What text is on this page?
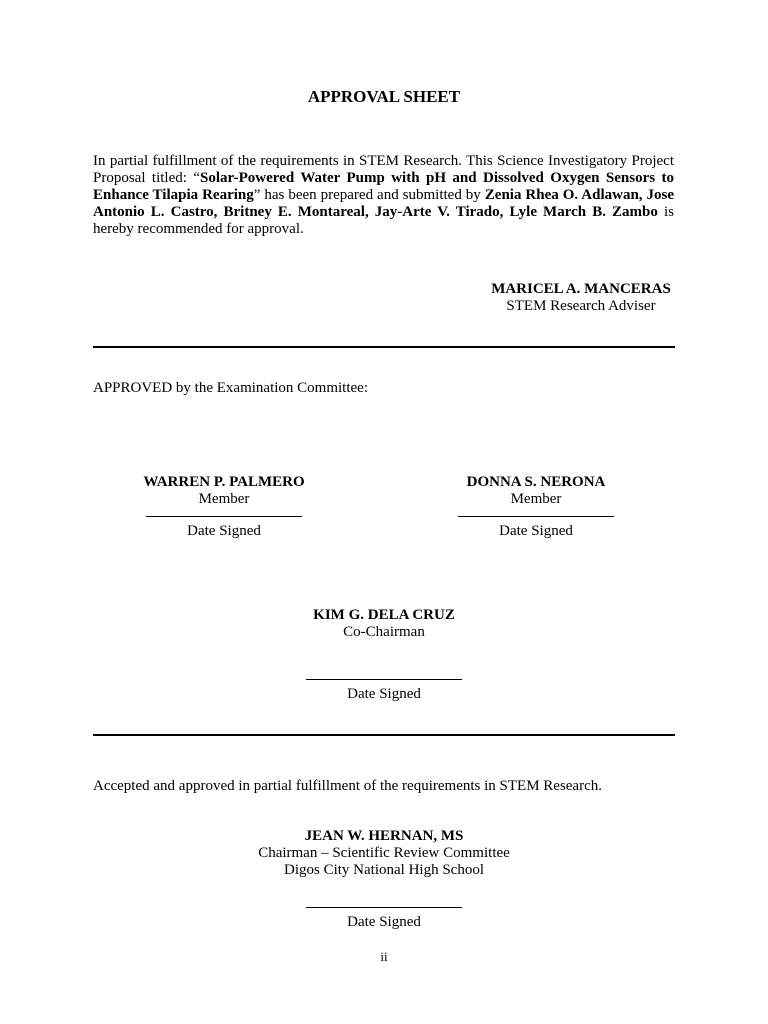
APPROVAL SHEET
In partial fulfillment of the requirements in STEM Research. This Science Investigatory Project Proposal titled: “Solar-Powered Water Pump with pH and Dissolved Oxygen Sensors to Enhance Tilapia Rearing” has been prepared and submitted by Zenia Rhea O. Adlawan, Jose Antonio L. Castro, Britney E. Montareal, Jay-Arte V. Tirado, Lyle March B. Zambo is hereby recommended for approval.
MARICEL A. MANCERAS
STEM Research Adviser
APPROVED by the Examination Committee:
WARREN P. PALMERO
Member
Date Signed
DONNA S. NERONA
Member
Date Signed
KIM G. DELA CRUZ
Co-Chairman
Date Signed
Accepted and approved in partial fulfillment of the requirements in STEM Research.
JEAN W. HERNAN, MS
Chairman – Scientific Review Committee
Digos City National High School
Date Signed
ii
